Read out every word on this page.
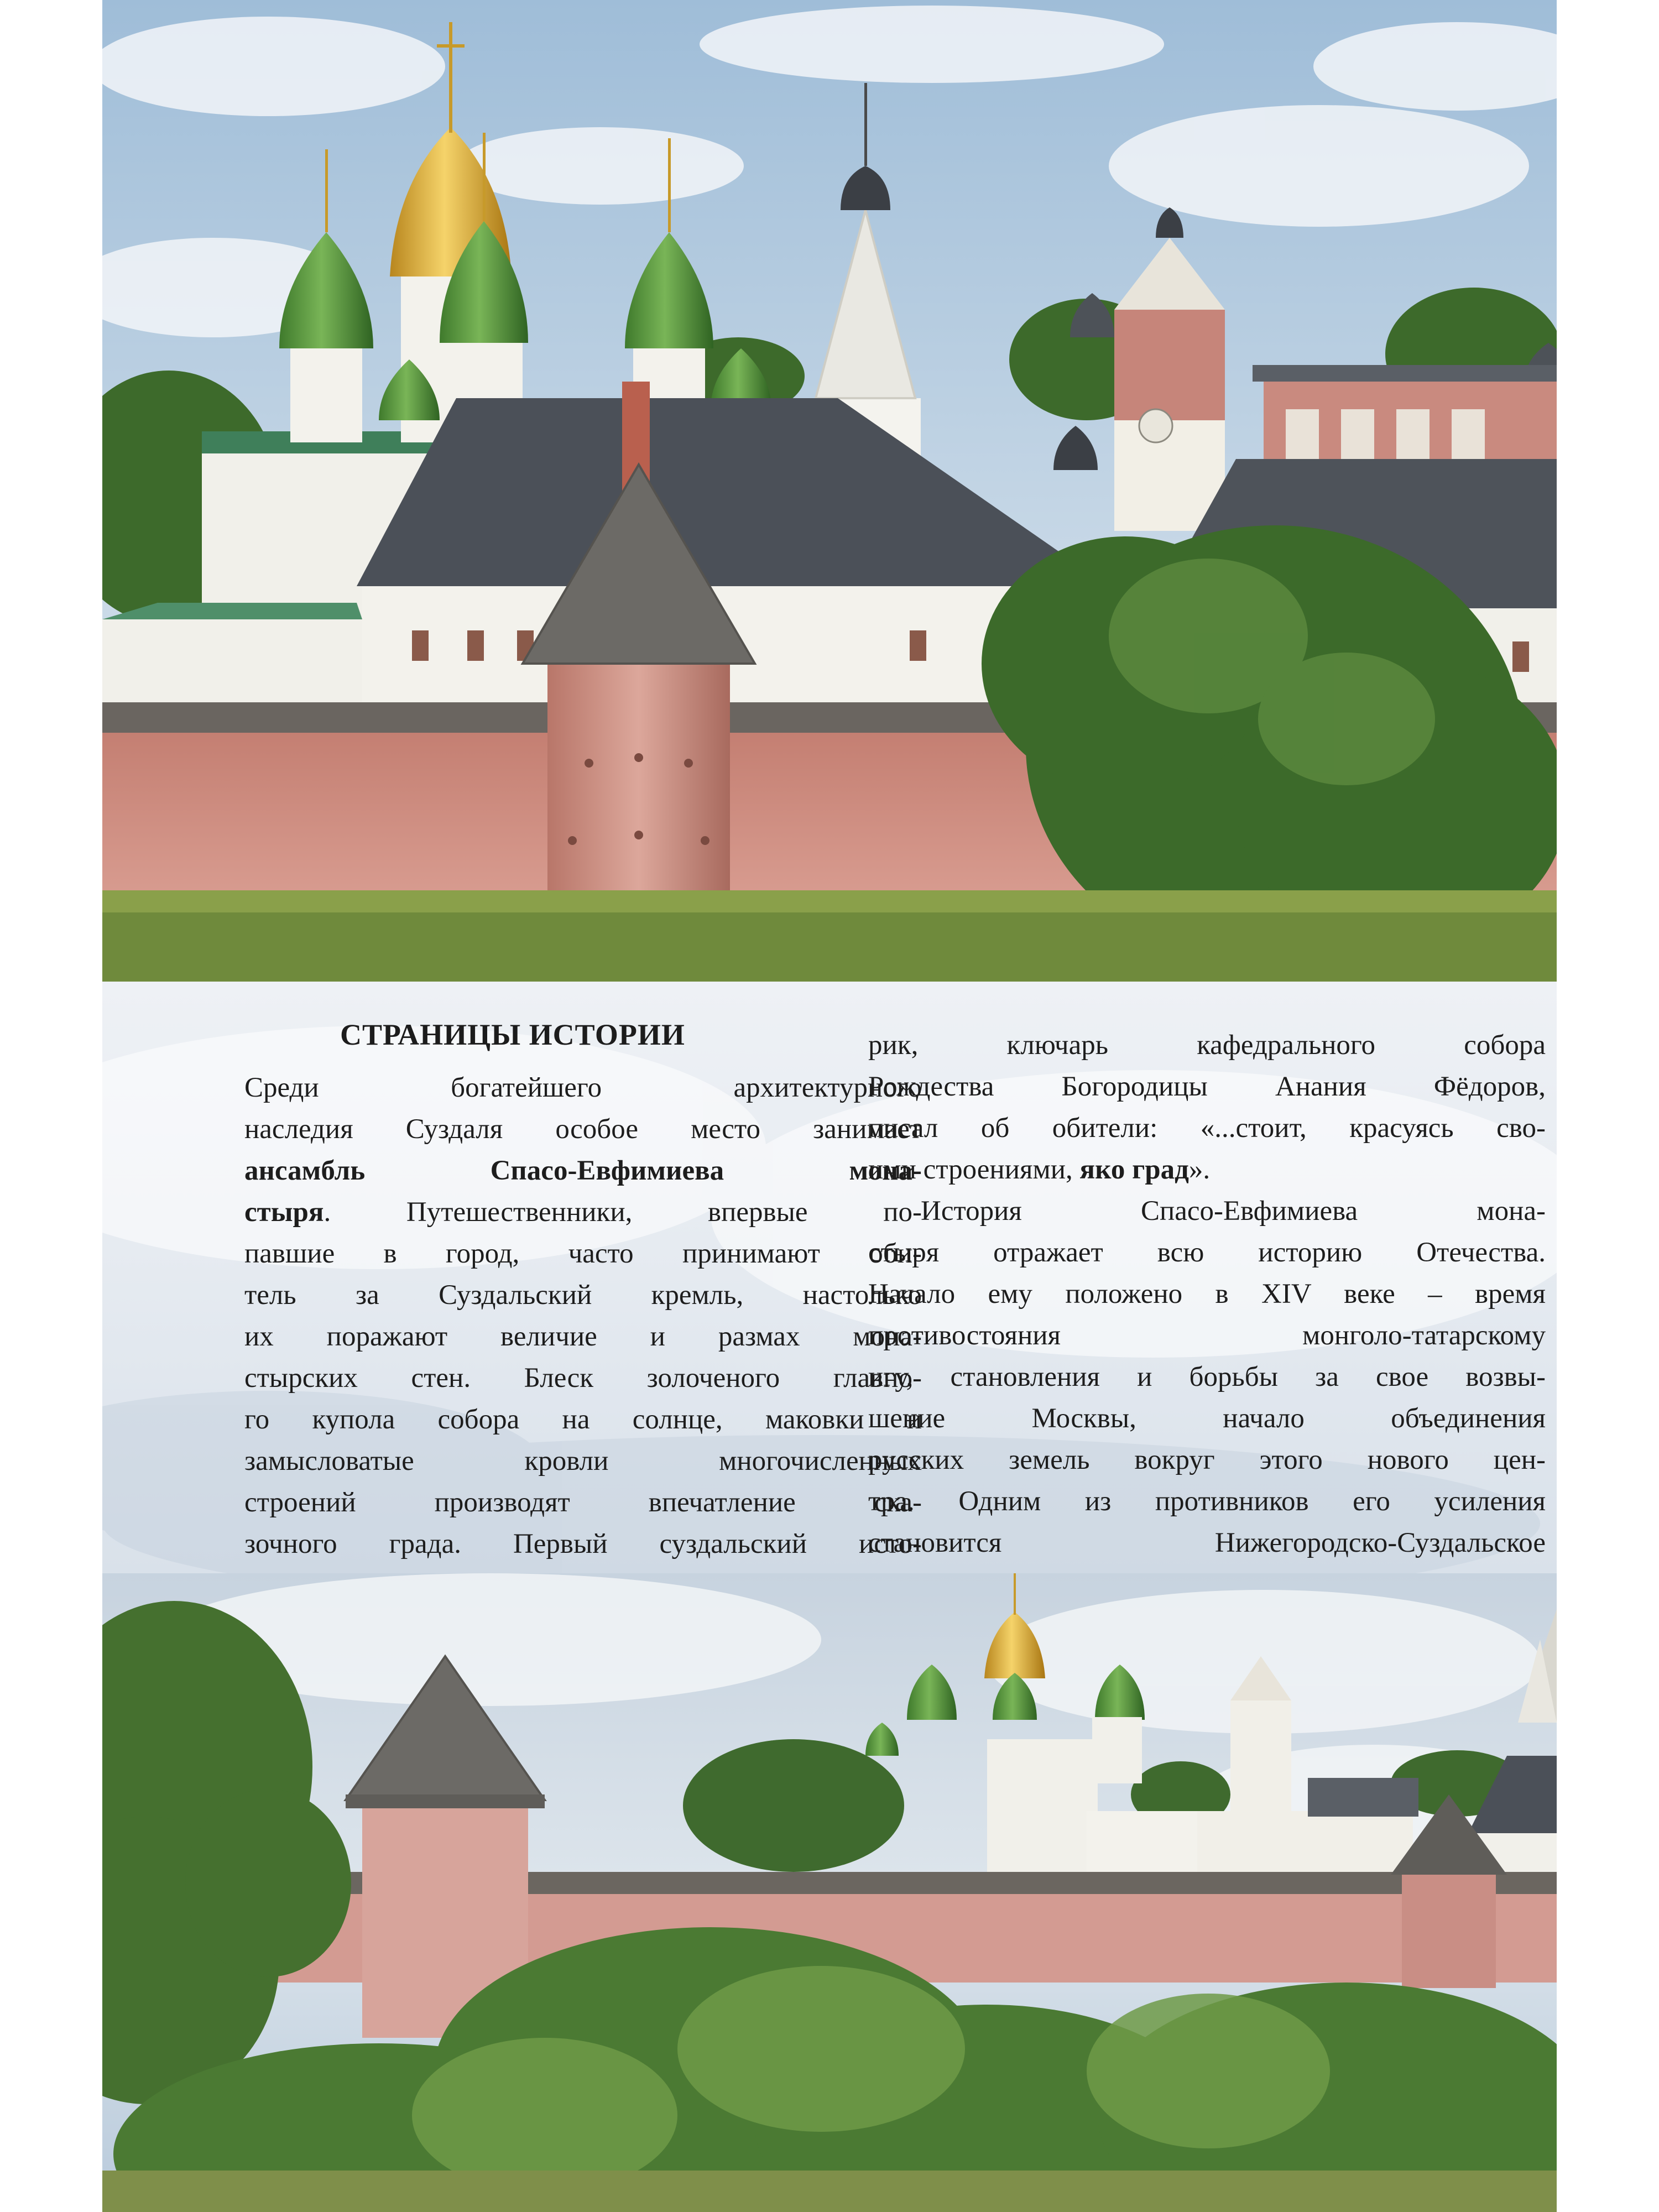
СТРАНИЦЫ ИСТОРИИ
Среди богатейшего архитектурного
наследия Суздаля особое место занимает
ансамбль Спасо-Евфимиева мона-
стыря. Путешественники, впервые по-
павшие в город, часто принимают оби-
тель за Суздальский кремль, настолько
их поражают величие и размах мона-
стырских стен. Блеск золоченого главно-
го купола собора на солнце, маковки и
замысловатые кровли многочисленных
строений производят впечатление ска-
зочного града. Первый суздальский исто-
рик, ключарь кафедрального собора
Рождества Богородицы Анания Фёдоров,
писал об обители: «...стоит, красуясь сво-
ими строениями, яко град».
История Спасо-Евфимиева мона-
стыря отражает всю историю Отечества.
Начало ему положено в XIV веке – время
противостояния монголо-татарскому
игу, становления и борьбы за свое возвы-
шение Москвы, начало объединения
русских земель вокруг этого нового цен-
тра. Одним из противников его усиления
становится Нижегородско-Суздальское
